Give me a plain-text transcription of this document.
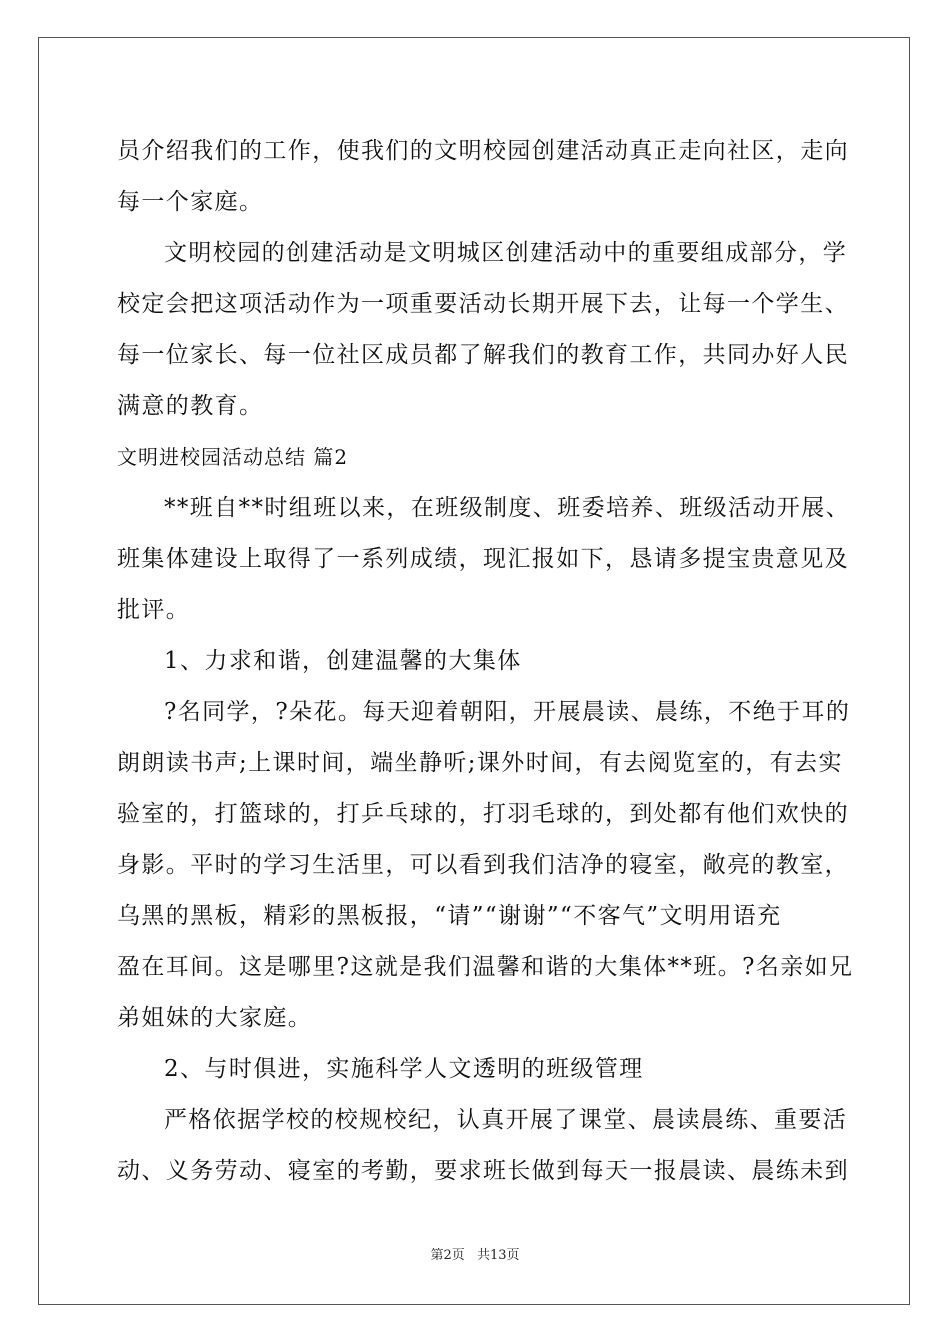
员介绍我们的工作，使我们的文明校园创建活动真正走向社区，走向
每一个家庭。
文明校园的创建活动是文明城区创建活动中的重要组成部分，学
校定会把这项活动作为一项重要活动长期开展下去，让每一个学生、
每一位家长、每一位社区成员都了解我们的教育工作，共同办好人民
满意的教育。
文明进校园活动总结 篇2
**班自**时组班以来，在班级制度、班委培养、班级活动开展、
班集体建设上取得了一系列成绩，现汇报如下，恳请多提宝贵意见及
批评。
1、力求和谐，创建温馨的大集体
?名同学，?朵花。每天迎着朝阳，开展晨读、晨练，不绝于耳的
朗朗读书声;上课时间，端坐静听;课外时间，有去阅览室的，有去实
验室的，打篮球的，打乒乓球的，打羽毛球的，到处都有他们欢快的
身影。平时的学习生活里，可以看到我们洁净的寝室，敞亮的教室，
乌黑的黑板，精彩的黑板报，“请”“谢谢”“不客气”文明用语充
盈在耳间。这是哪里?这就是我们温馨和谐的大集体**班。?名亲如兄
弟姐妹的大家庭。
2、与时俱进，实施科学人文透明的班级管理
严格依据学校的校规校纪，认真开展了课堂、晨读晨练、重要活
动、义务劳动、寝室的考勤，要求班长做到每天一报晨读、晨练未到
第2页 共13页
